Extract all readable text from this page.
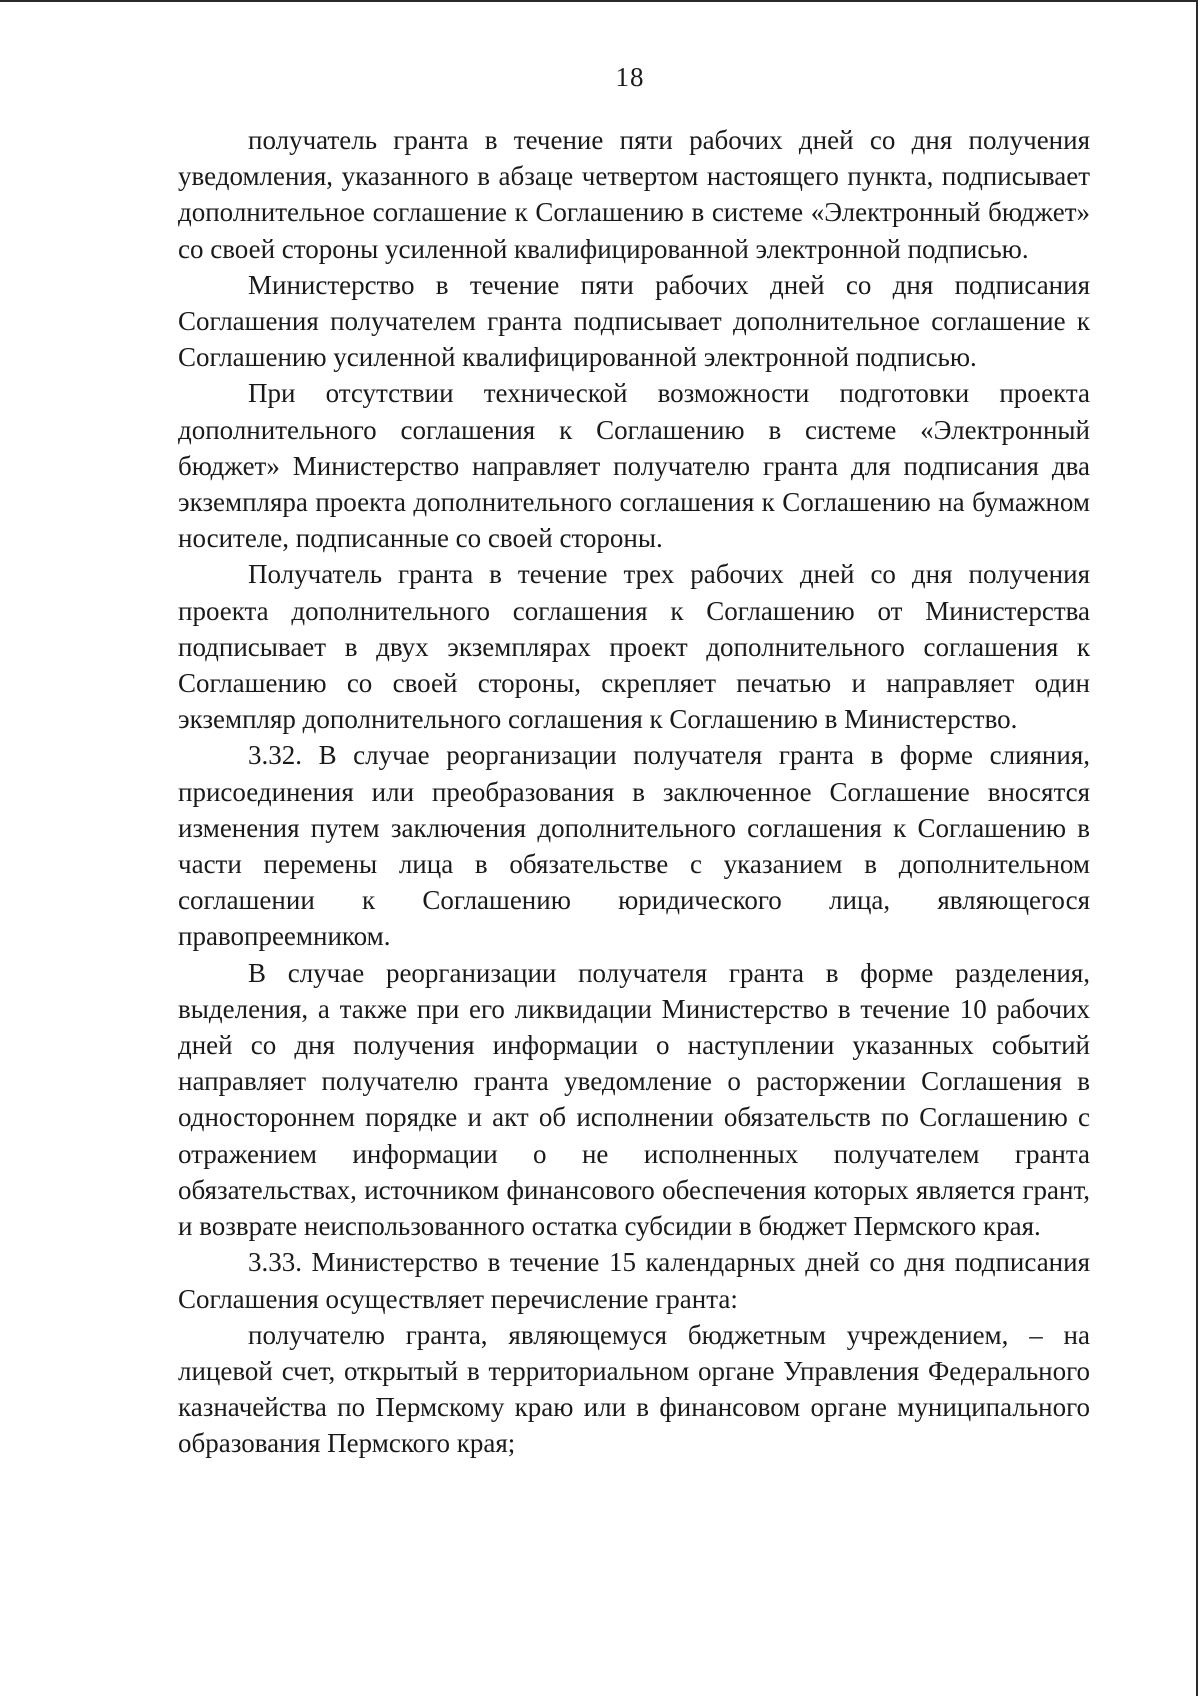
18

получатель гранта в течение пяти рабочих дней со дня получения уведомления, указанного в абзаце четвертом настоящего пункта, подписывает дополнительное соглашение к Соглашению в системе «Электронный бюджет» со своей стороны усиленной квалифицированной электронной подписью.

Министерство в течение пяти рабочих дней со дня подписания Соглашения получателем гранта подписывает дополнительное соглашение к Соглашению усиленной квалифицированной электронной подписью.

При отсутствии технической возможности подготовки проекта дополнительного соглашения к Соглашению в системе «Электронный бюджет» Министерство направляет получателю гранта для подписания два экземпляра проекта дополнительного соглашения к Соглашению на бумажном носителе, подписанные со своей стороны.

Получатель гранта в течение трех рабочих дней со дня получения проекта дополнительного соглашения к Соглашению от Министерства подписывает в двух экземплярах проект дополнительного соглашения к Соглашению со своей стороны, скрепляет печатью и направляет один экземпляр дополнительного соглашения к Соглашению в Министерство.

3.32. В случае реорганизации получателя гранта в форме слияния, присоединения или преобразования в заключенное Соглашение вносятся изменения путем заключения дополнительного соглашения к Соглашению в части перемены лица в обязательстве с указанием в дополнительном соглашении к Соглашению юридического лица, являющегося правопреемником.

В случае реорганизации получателя гранта в форме разделения, выделения, а также при его ликвидации Министерство в течение 10 рабочих дней со дня получения информации о наступлении указанных событий направляет получателю гранта уведомление о расторжении Соглашения в одностороннем порядке и акт об исполнении обязательств по Соглашению с отражением информации о не исполненных получателем гранта обязательствах, источником финансового обеспечения которых является грант, и возврате неиспользованного остатка субсидии в бюджет Пермского края.

3.33. Министерство в течение 15 календарных дней со дня подписания Соглашения осуществляет перечисление гранта:

получателю гранта, являющемуся бюджетным учреждением, – на лицевой счет, открытый в территориальном органе Управления Федерального казначейства по Пермскому краю или в финансовом органе муниципального образования Пермского края;
